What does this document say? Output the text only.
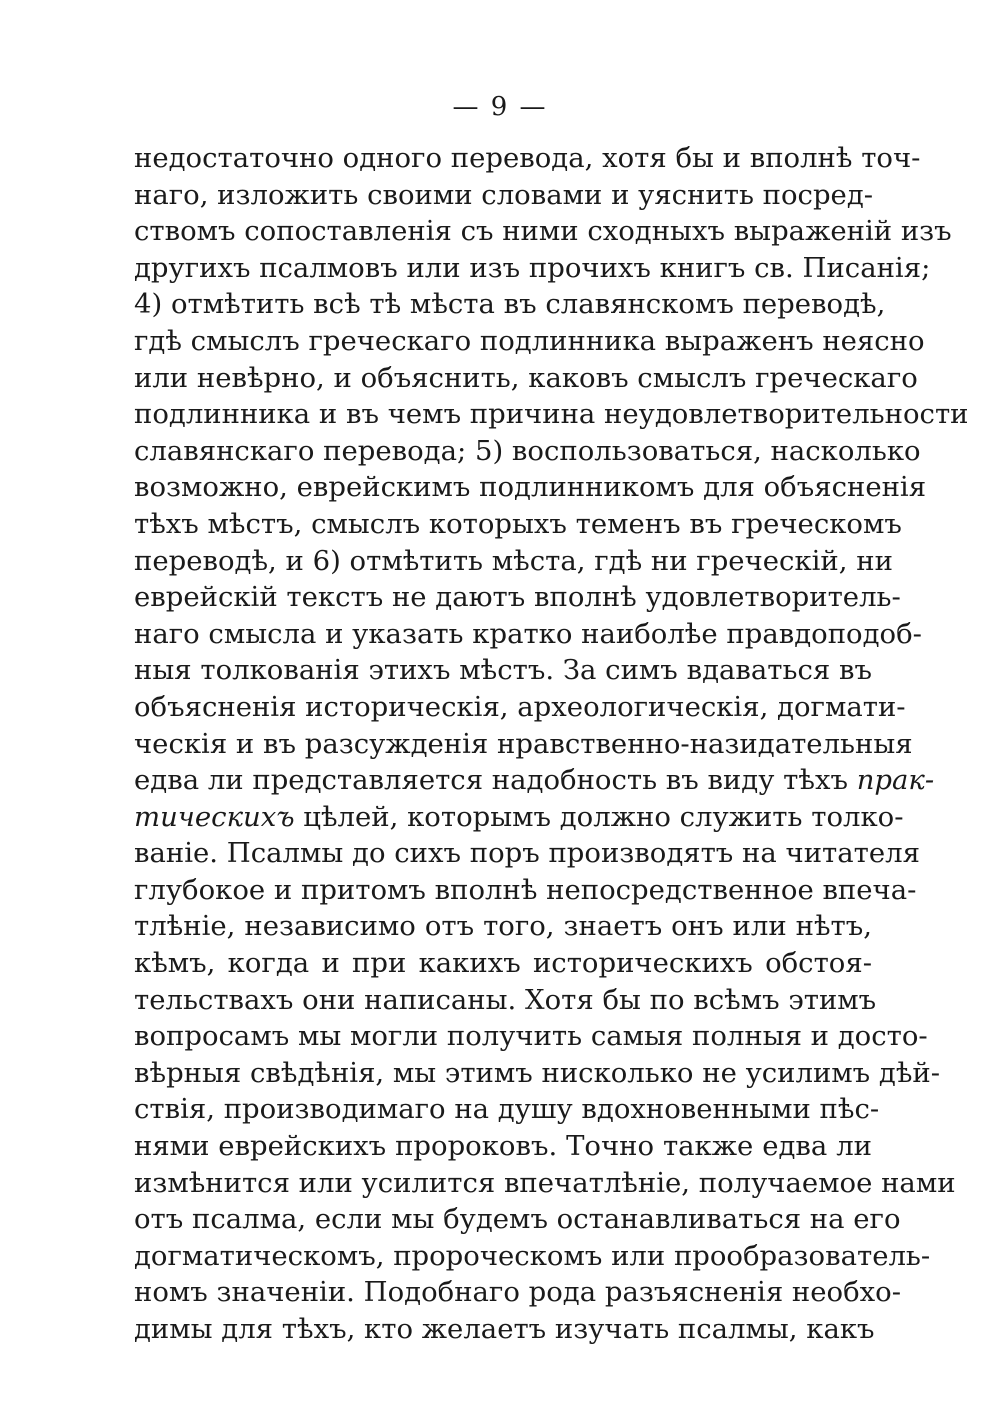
— 9 —
недостаточно одного перевода, хотя бы и вполнѣ точ-
наго, изложить своими словами и уяснить посред-
ствомъ сопоставленія съ ними сходныхъ выраженій изъ
другихъ псалмовъ или изъ прочихъ книгъ св. Писанія;
4) отмѣтить всѣ тѣ мѣста въ славянскомъ переводѣ,
гдѣ смыслъ греческаго подлинника выраженъ неясно
или невѣрно, и объяснить, каковъ смыслъ греческаго
подлинника и въ чемъ причина неудовлетворительности
славянскаго перевода; 5) воспользоваться, насколько
возможно, еврейскимъ подлинникомъ для объясненія
тѣхъ мѣстъ, смыслъ которыхъ теменъ въ греческомъ
переводѣ, и 6) отмѣтить мѣста, гдѣ ни греческій, ни
еврейскій текстъ не даютъ вполнѣ удовлетворитель-
наго смысла и указать кратко наиболѣе правдоподоб-
ныя толкованія этихъ мѣстъ. За симъ вдаваться въ
объясненія историческія, археологическія, догмати-
ческія и въ разсужденія нравственно-назидательныя
едва ли представляется надобность въ виду тѣхъ прак-
тическихъ цѣлей, которымъ должно служить толко-
ваніе. Псалмы до сихъ поръ производятъ на читателя
глубокое и притомъ вполнѣ непосредственное впеча-
тлѣніе, независимо отъ того, знаетъ онъ или нѣтъ,
кѣмъ, когда и при какихъ историческихъ обстоя-
тельствахъ они написаны. Хотя бы по всѣмъ этимъ
вопросамъ мы могли получить самыя полныя и досто-
вѣрныя свѣдѣнія, мы этимъ нисколько не усилимъ дѣй-
ствія, производимаго на душу вдохновенными пѣс-
нями еврейскихъ пророковъ. Точно также едва ли
измѣнится или усилится впечатлѣніе, получаемое нами
отъ псалма, если мы будемъ останавливаться на его
догматическомъ, пророческомъ или прообразователь-
номъ значеніи. Подобнаго рода разъясненія необхо-
димы для тѣхъ, кто желаетъ изучать псалмы, какъ
